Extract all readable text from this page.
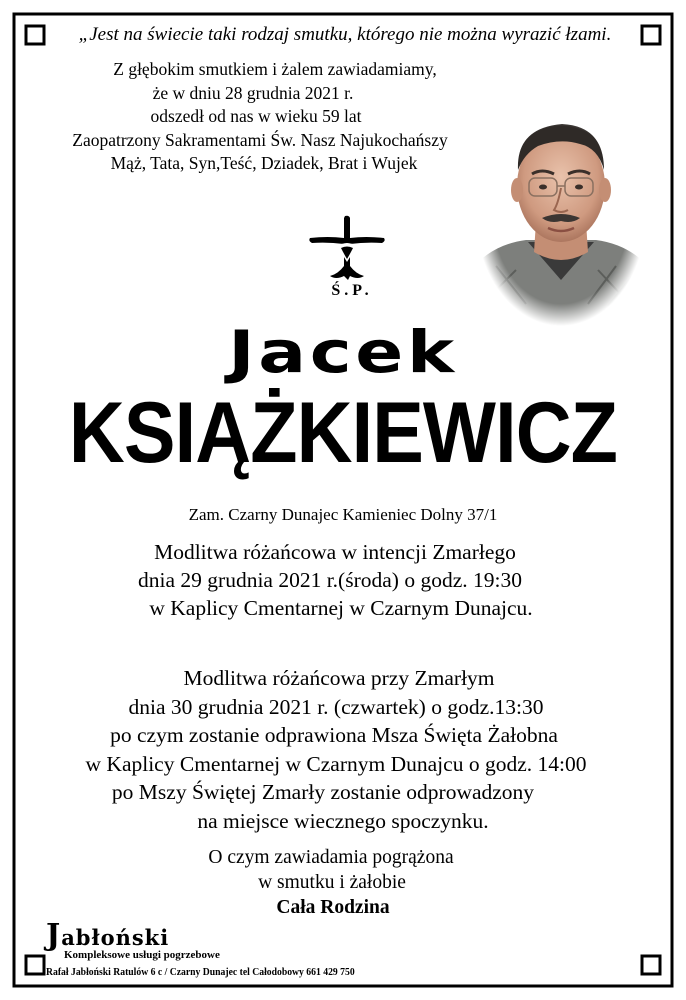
„Jest na świecie taki rodzaj smutku, którego nie można wyrazić łzami.
Z głębokim smutkiem i żalem zawiadamiamy,
że w dniu 28 grudnia 2021 r.
odszedł od nas w wieku 59 lat
Zaopatrzony Sakramentami Św. Nasz Najukochańszy
Mąż, Tata, Syn,Teść, Dziadek, Brat i Wujek
Ś.P.
Jacek
KSIĄŻKIEWICZ
Zam. Czarny Dunajec Kamieniec Dolny 37/1
Modlitwa różańcowa w intencji Zmarłego
dnia 29 grudnia 2021 r.(środa) o godz. 19:30
w Kaplicy Cmentarnej w Czarnym Dunajcu.
Modlitwa różańcowa przy Zmarłym
dnia 30 grudnia 2021 r. (czwartek) o godz.13:30
po czym zostanie odprawiona Msza Święta Żałobna
w Kaplicy Cmentarnej w Czarnym Dunajcu o godz. 14:00
po Mszy Świętej Zmarły zostanie odprowadzony
na miejsce wiecznego spoczynku.
O czym zawiadamia pogrążona
w smutku i żałobie
Cała Rodzina
Jabłoński
Kompleksowe usługi pogrzebowe
Rafał Jabłoński Ratulów 6 c / Czarny Dunajec tel Całodobowy 661 429 750
